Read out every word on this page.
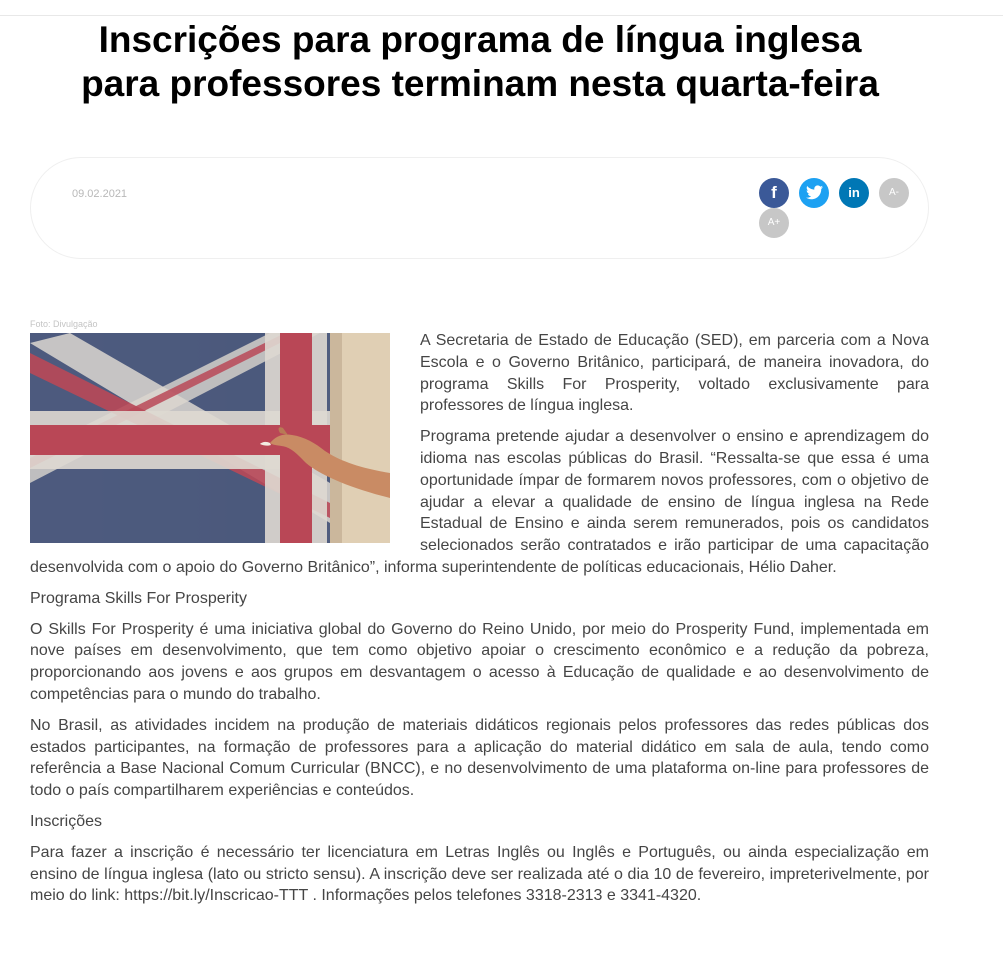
Inscrições para programa de língua inglesa
para professores terminam nesta quarta-feira
09.02.2021	f	in	A-
A+
Foto: Divulgação

A Secretaria de Estado de Educação (SED), em parceria com a Nova Escola e o Governo Britânico, participará, de maneira inovadora, do programa Skills For Prosperity, voltado exclusivamente para professores de língua inglesa.

Programa pretende ajudar a desenvolver o ensino e aprendizagem do idioma nas escolas públicas do Brasil. “Ressalta-se que essa é uma oportunidade ímpar de formarem novos professores, com o objetivo de ajudar a elevar a qualidade de ensino de língua inglesa na Rede Estadual de Ensino e ainda serem remunerados, pois os candidatos selecionados serão contratados e irão participar de uma capacitação desenvolvida com o apoio do Governo Britânico”, informa superintendente de políticas educacionais, Hélio Daher.

Programa Skills For Prosperity

O Skills For Prosperity é uma iniciativa global do Governo do Reino Unido, por meio do Prosperity Fund, implementada em nove países em desenvolvimento, que tem como objetivo apoiar o crescimento econômico e a redução da pobreza, proporcionando aos jovens e aos grupos em desvantagem o acesso à Educação de qualidade e ao desenvolvimento de competências para o mundo do trabalho.

No Brasil, as atividades incidem na produção de materiais didáticos regionais pelos professores das redes públicas dos estados participantes, na formação de professores para a aplicação do material didático em sala de aula, tendo como referência a Base Nacional Comum Curricular (BNCC), e no desenvolvimento de uma plataforma on-line para professores de todo o país compartilharem experiências e conteúdos.

Inscrições

Para fazer a inscrição é necessário ter licenciatura em Letras Inglês ou Inglês e Português, ou ainda especialização em ensino de língua inglesa (lato ou stricto sensu). A inscrição deve ser realizada até o dia 10 de fevereiro, impreterivelmente, por meio do link: https://bit.ly/Inscricao-TTT . Informações pelos telefones 3318-2313 e 3341-4320.
